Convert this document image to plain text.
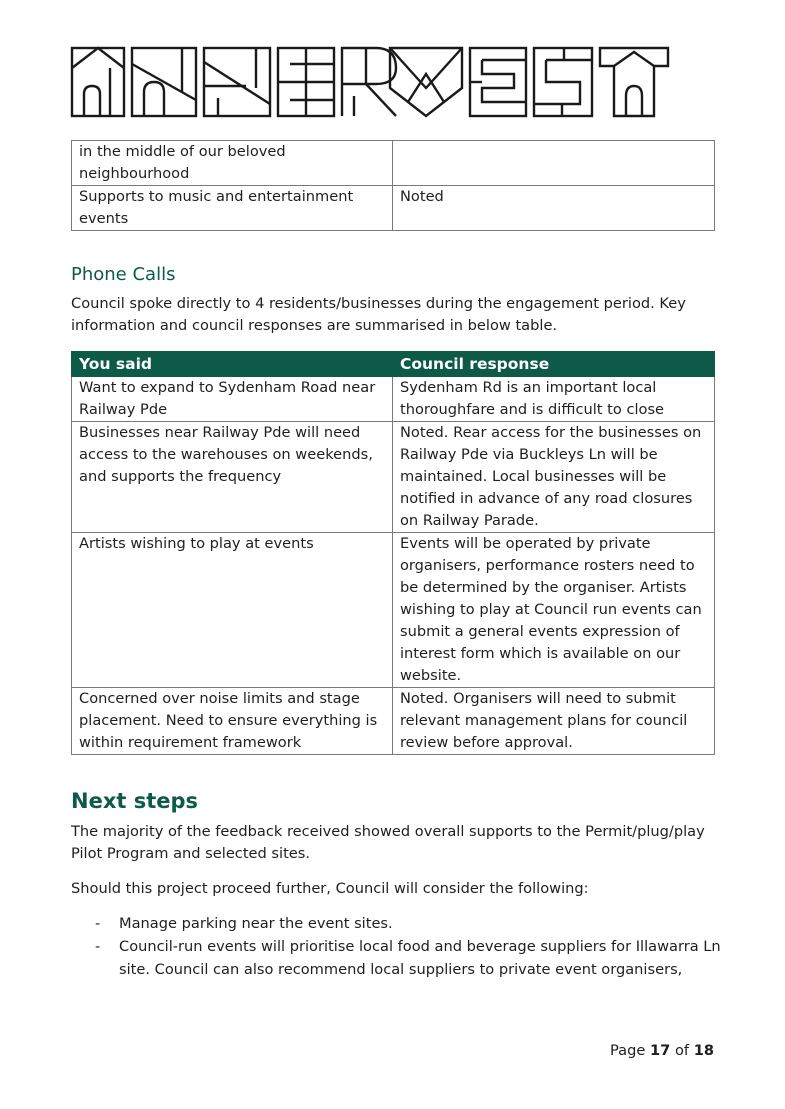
in the middle of our beloved neighbourhood	
Supports to music and entertainment events	Noted
Phone Calls
Council spoke directly to 4 residents/businesses during the engagement period. Key information and council responses are summarised in below table.
You said	Council response
Want to expand to Sydenham Road near Railway Pde	Sydenham Rd is an important local thoroughfare and is difficult to close
Businesses near Railway Pde will need access to the warehouses on weekends, and supports the frequency	Noted. Rear access for the businesses on Railway Pde via Buckleys Ln will be maintained. Local businesses will be notified in advance of any road closures on Railway Parade.
Artists wishing to play at events	Events will be operated by private organisers, performance rosters need to be determined by the organiser. Artists wishing to play at Council run events can submit a general events expression of interest form which is available on our website.
Concerned over noise limits and stage placement. Need to ensure everything is within requirement framework	Noted. Organisers will need to submit relevant management plans for council review before approval.
Next steps
The majority of the feedback received showed overall supports to the Permit/plug/play Pilot Program and selected sites.
Should this project proceed further, Council will consider the following:
- Manage parking near the event sites.
- Council-run events will prioritise local food and beverage suppliers for Illawarra Ln site. Council can also recommend local suppliers to private event organisers,
Page 17 of 18
